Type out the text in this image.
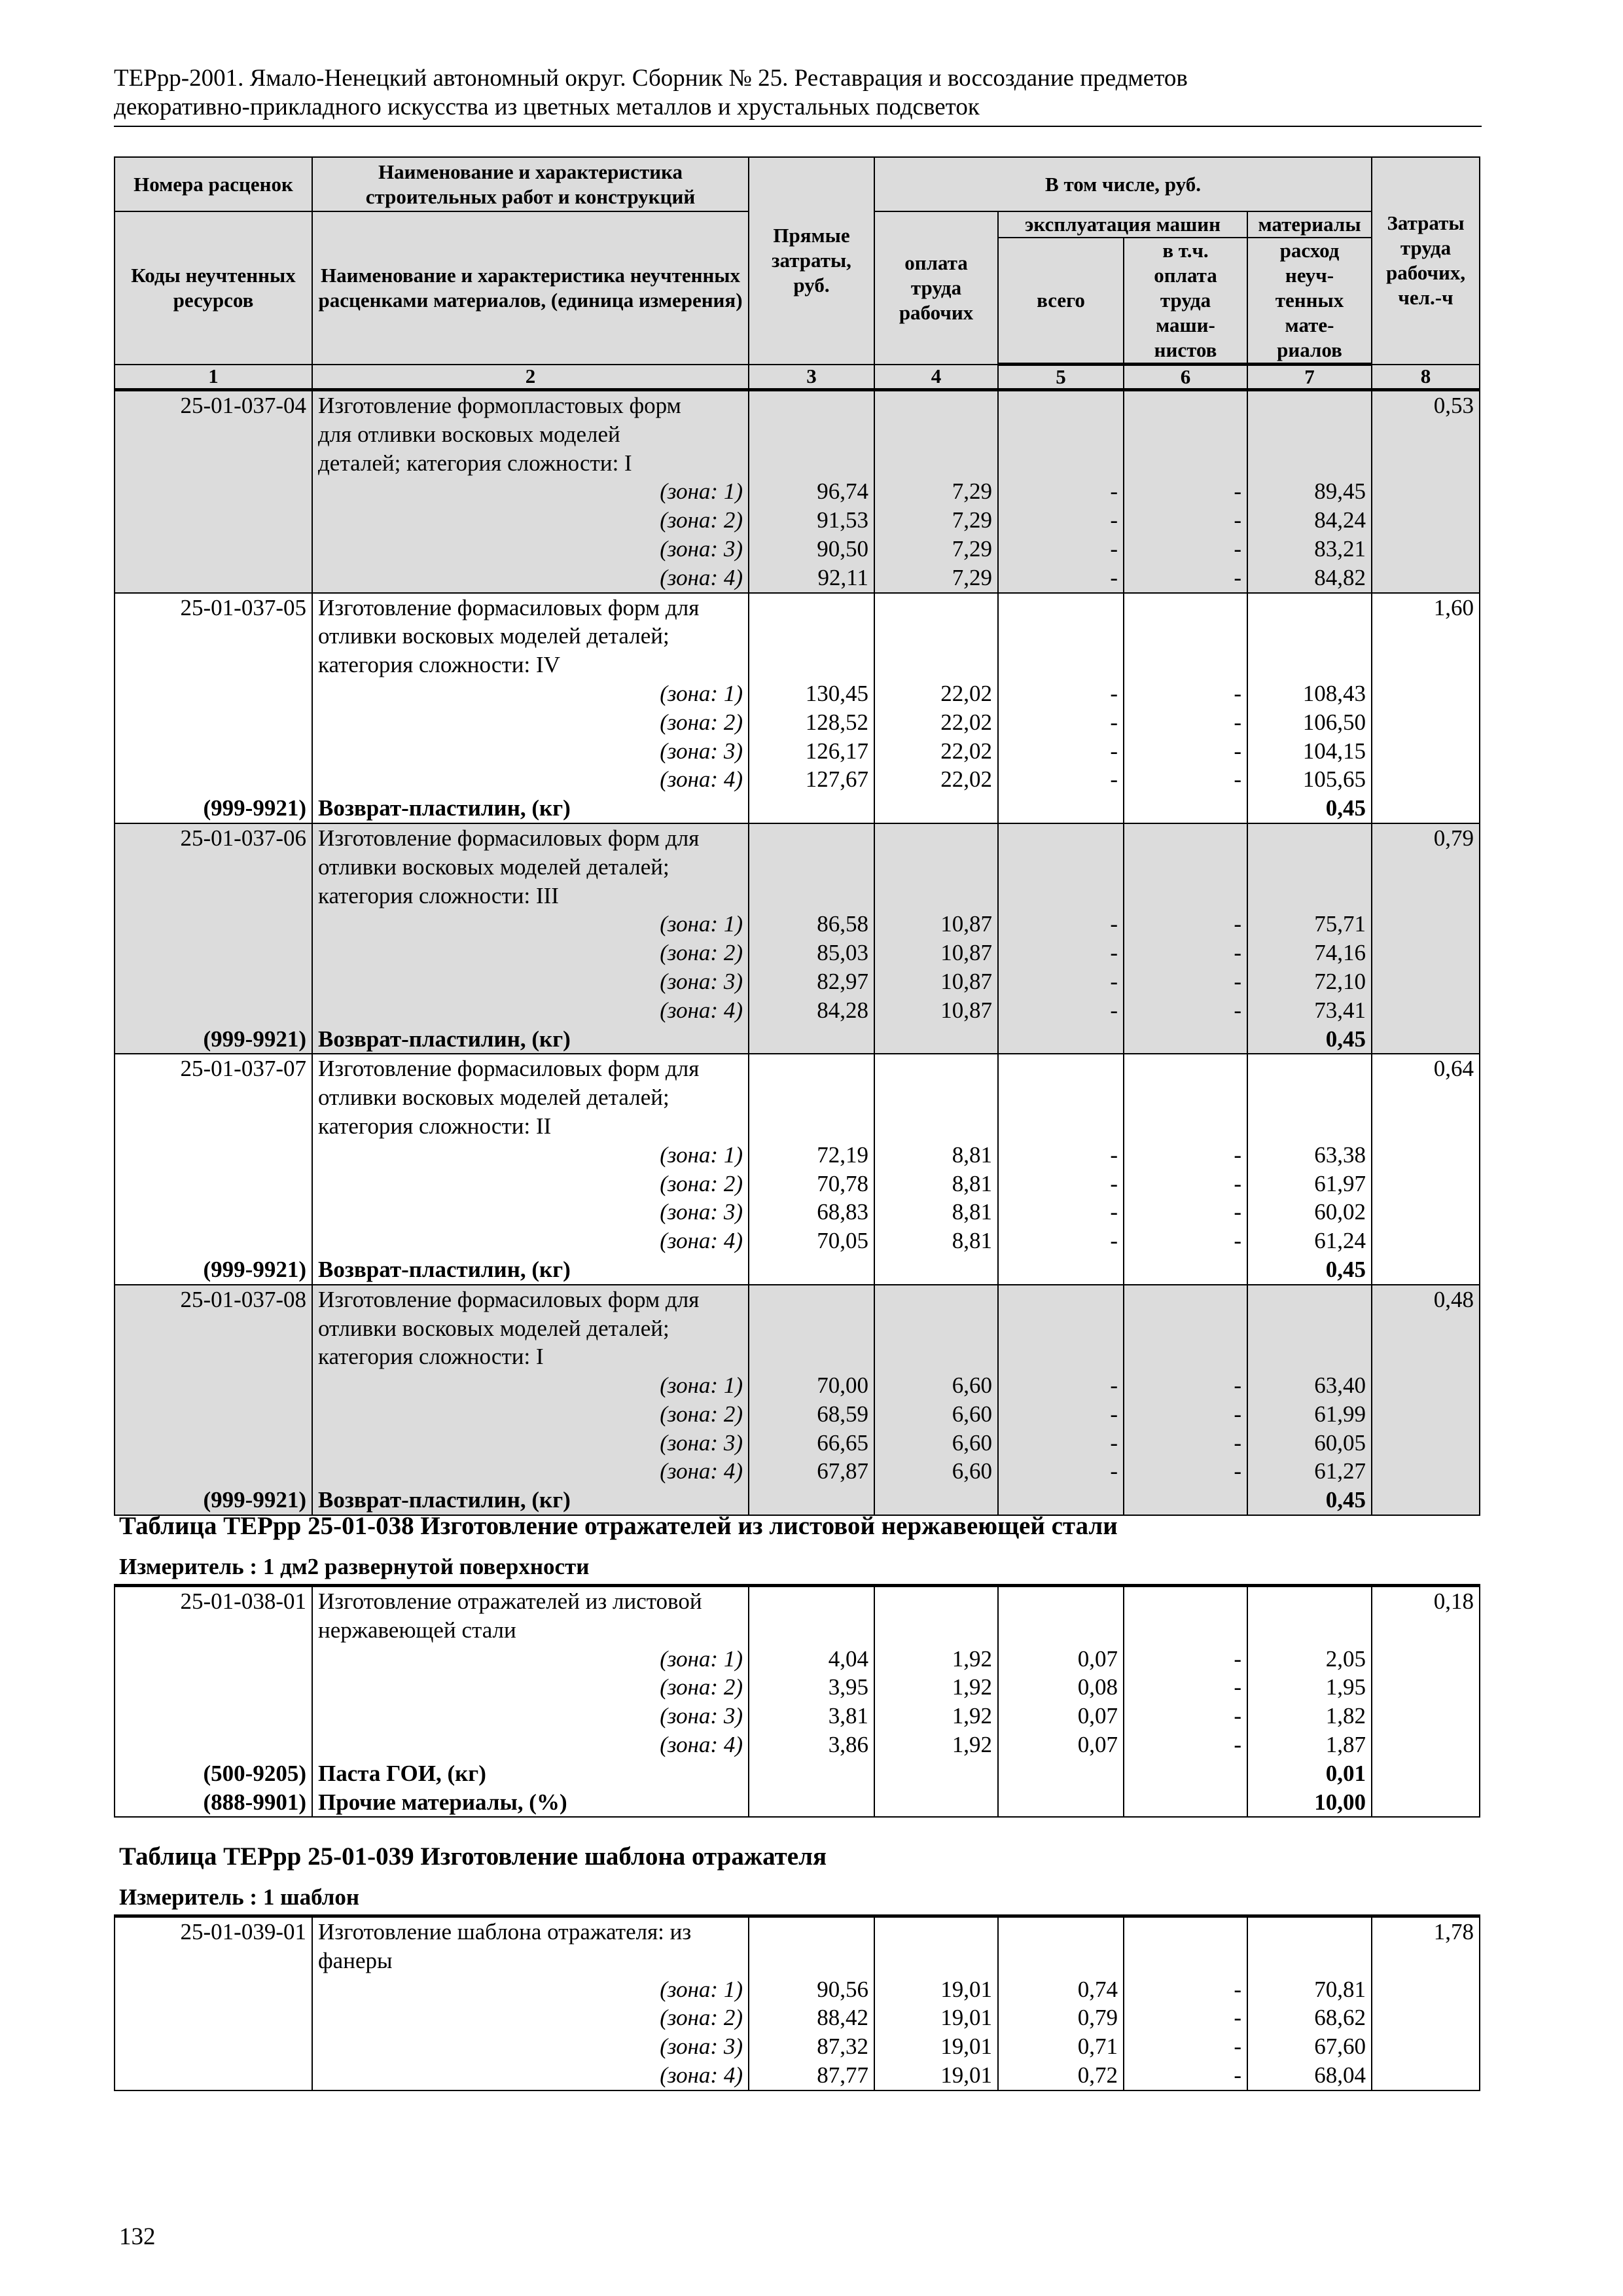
ТЕРрр-2001. Ямало-Ненецкий автономный округ. Сборник № 25. Реставрация и воссоздание предметов
декоративно-прикладного искусства из цветных металлов и хрустальных подсветок
Номера расценок	Наименование и характеристика строительных работ и конструкций	Прямые затраты, руб.	В том числе, руб.				Затраты труда рабочих, чел.-ч
Коды неучтенных ресурсов	Наименование и характеристика неучтенных расценками материалов, (единица измерения)		оплата труда рабочих	эксплуатация машин		материалы	
				всего	в т.ч. оплата труда маши-нистов	расход неуч-тенных мате-риалов	
1	2	3	4	5	6	7	8
25-01-037-04	Изготовление формопластовых форм						0,53
	для отливки восковых моделей						
	деталей; категория сложности: I						
	(зона: 1)	96,74	7,29	-	-	89,45	
	(зона: 2)	91,53	7,29	-	-	84,24	
	(зона: 3)	90,50	7,29	-	-	83,21	
	(зона: 4)	92,11	7,29	-	-	84,82	
25-01-037-05	Изготовление формасиловых форм для						1,60
	отливки восковых моделей деталей;						
	категория сложности: IV						
	(зона: 1)	130,45	22,02	-	-	108,43	
	(зона: 2)	128,52	22,02	-	-	106,50	
	(зона: 3)	126,17	22,02	-	-	104,15	
	(зона: 4)	127,67	22,02	-	-	105,65	
(999-9921)	Возврат-пластилин, (кг)					0,45	
25-01-037-06	Изготовление формасиловых форм для						0,79
	отливки восковых моделей деталей;						
	категория сложности: III						
	(зона: 1)	86,58	10,87	-	-	75,71	
	(зона: 2)	85,03	10,87	-	-	74,16	
	(зона: 3)	82,97	10,87	-	-	72,10	
	(зона: 4)	84,28	10,87	-	-	73,41	
(999-9921)	Возврат-пластилин, (кг)					0,45	
25-01-037-07	Изготовление формасиловых форм для						0,64
	отливки восковых моделей деталей;						
	категория сложности: II						
	(зона: 1)	72,19	8,81	-	-	63,38	
	(зона: 2)	70,78	8,81	-	-	61,97	
	(зона: 3)	68,83	8,81	-	-	60,02	
	(зона: 4)	70,05	8,81	-	-	61,24	
(999-9921)	Возврат-пластилин, (кг)					0,45	
25-01-037-08	Изготовление формасиловых форм для						0,48
	отливки восковых моделей деталей;						
	категория сложности: I						
	(зона: 1)	70,00	6,60	-	-	63,40	
	(зона: 2)	68,59	6,60	-	-	61,99	
	(зона: 3)	66,65	6,60	-	-	60,05	
	(зона: 4)	67,87	6,60	-	-	61,27	
(999-9921)	Возврат-пластилин, (кг)					0,45	
Таблица ТЕРрр 25-01-038 Изготовление отражателей из листовой нержавеющей стали
Измеритель : 1 дм2 развернутой поверхности
25-01-038-01	Изготовление отражателей из листовой						0,18
	нержавеющей стали						
	(зона: 1)	4,04	1,92	0,07	-	2,05	
	(зона: 2)	3,95	1,92	0,08	-	1,95	
	(зона: 3)	3,81	1,92	0,07	-	1,82	
	(зона: 4)	3,86	1,92	0,07	-	1,87	
(500-9205)	Паста ГОИ, (кг)					0,01	
(888-9901)	Прочие материалы, (%)					10,00	
Таблица ТЕРрр 25-01-039 Изготовление шаблона отражателя
Измеритель : 1 шаблон
25-01-039-01	Изготовление шаблона отражателя: из						1,78
	фанеры						
	(зона: 1)	90,56	19,01	0,74	-	70,81	
	(зона: 2)	88,42	19,01	0,79	-	68,62	
	(зона: 3)	87,32	19,01	0,71	-	67,60	
	(зона: 4)	87,77	19,01	0,72	-	68,04	
132
